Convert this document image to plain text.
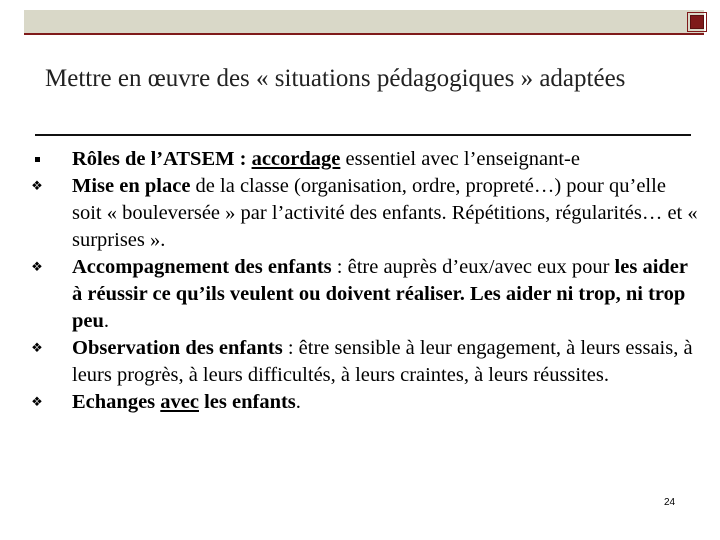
Mettre en œuvre des « situations pédagogiques » adaptées
Rôles de l’ATSEM : accordage essentiel avec l’enseignant-e
❖ Mise en place de la classe (organisation, ordre, propreté…) pour qu’elle soit « bouleversée » par l’activité des enfants. Répétitions, régularités… et « surprises ».
❖ Accompagnement des enfants : être auprès d’eux/avec eux pour les aider à réussir ce qu’ils veulent ou doivent réaliser. Les aider ni trop, ni trop peu.
❖ Observation des enfants : être sensible à leur engagement, à leurs essais, à leurs progrès, à leurs difficultés, à leurs craintes, à leurs réussites.
❖ Echanges avec les enfants.
24
